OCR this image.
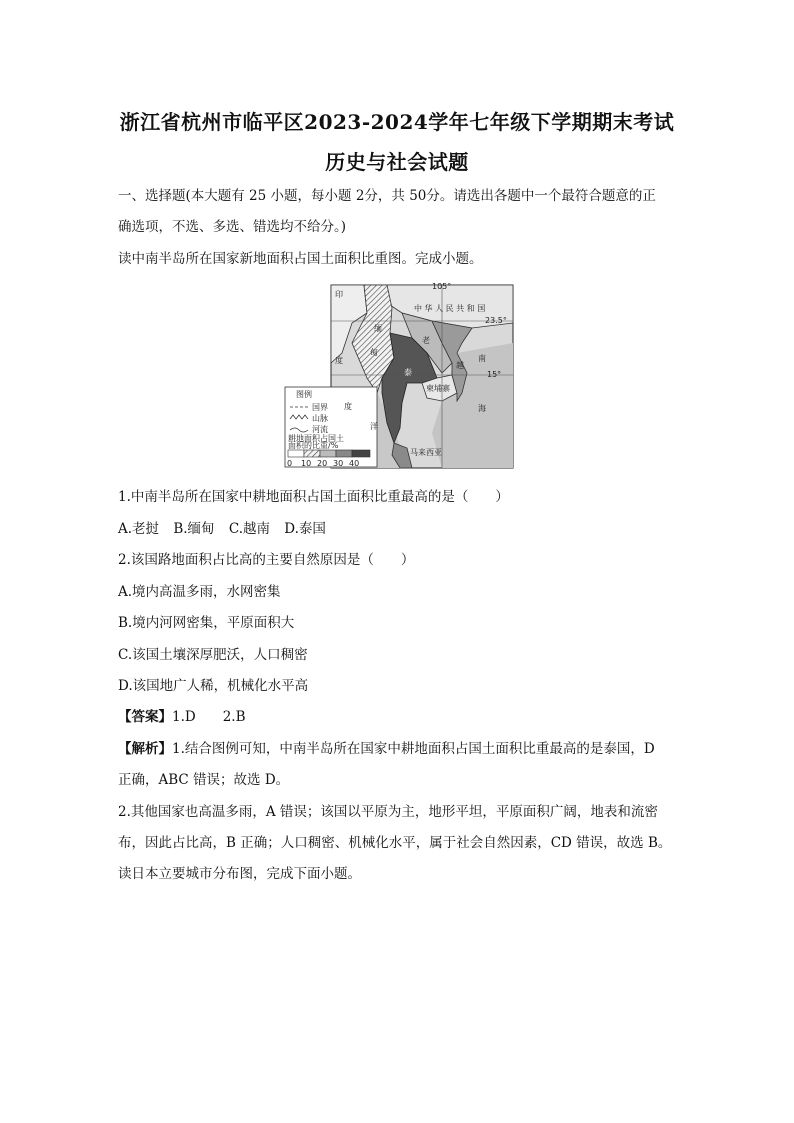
浙江省杭州市临平区2023-2024学年七年级下学期期末考试
历史与社会试题
一、选择题(本大题有 25 小题，每小题 2分，共 50分。请选出各题中一个最符合题意的正
确选项，不选、多选、错选均不给分。)
读中南半岛所在国家新地面积占国土面积比重图。完成小题。
105°
23.5°
15°
中 华 人 民 共 和 国
印
度
缅
甸
老
泰
柬埔寨
越
马来西亚
南
海
度
洋
图例
国界
山脉
河流
耕地面积占国土
面积的比重/%
0 10 20 30 40
1.中南半岛所在国家中耕地面积占国土面积比重最高的是（　　）
A.老挝 B.缅甸 C.越南 D.泰国
2.该国路地面积占比高的主要自然原因是（　　）
A.境内高温多雨，水网密集
B.境内河网密集，平原面积大
C.该国土壤深厚肥沃，人口稠密
D.该国地广人稀，机械化水平高
【答案】1.D　　2.B
【解析】1.结合图例可知，中南半岛所在国家中耕地面积占国土面积比重最高的是泰国，D
正确，ABC 错误；故选 D。
2.其他国家也高温多雨，A 错误；该国以平原为主，地形平坦，平原面积广阔，地表和流密
布，因此占比高，B 正确；人口稠密、机械化水平，属于社会自然因素，CD 错误，故选 B。
读日本立要城市分布图，完成下面小题。
